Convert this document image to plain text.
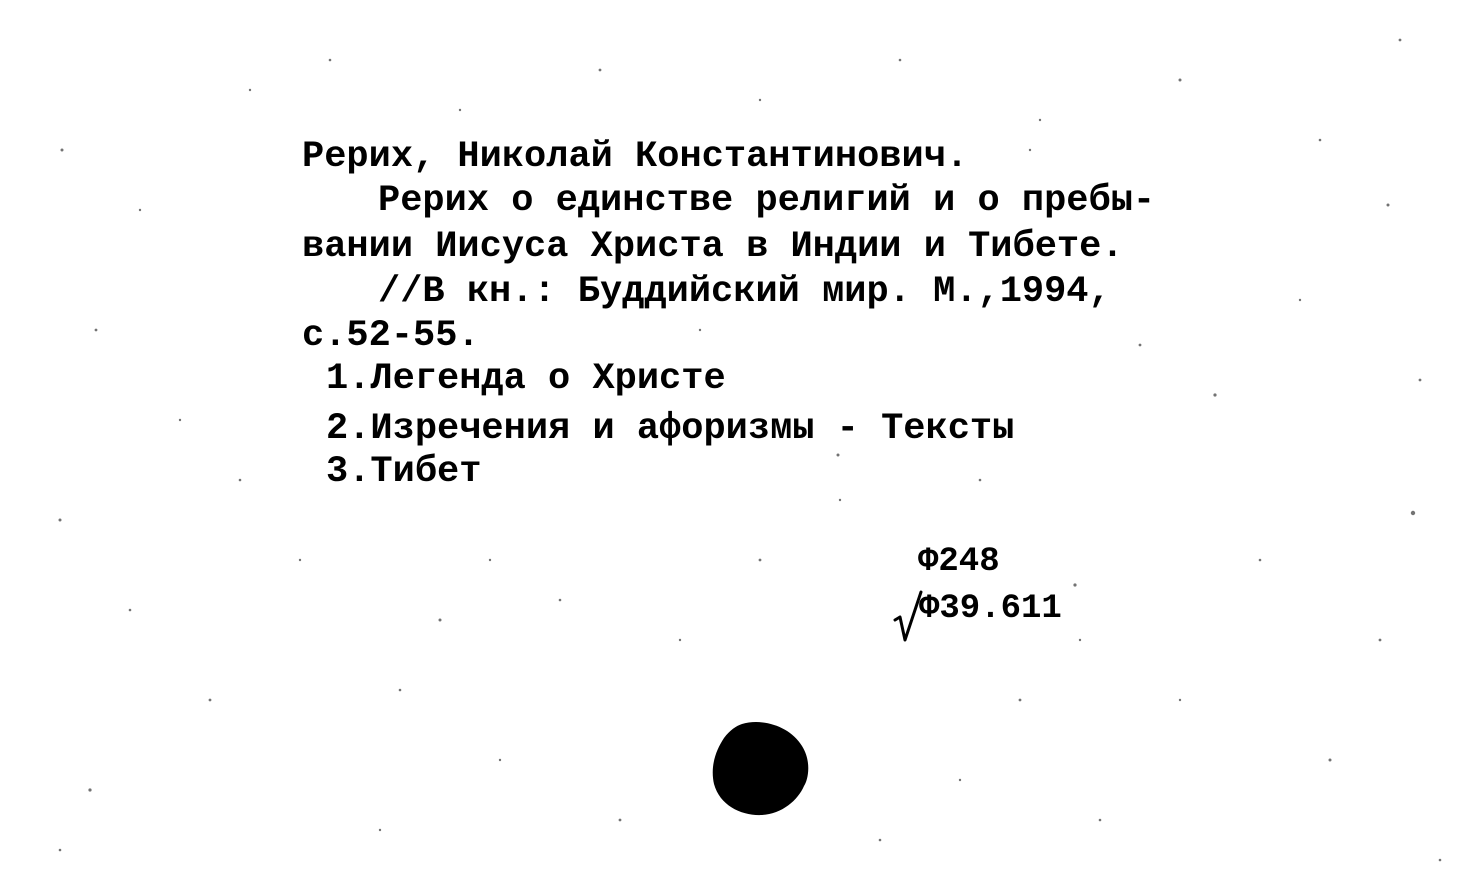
Рерих, Николай Константинович.
Рерих о единстве религий и о пребы-
вании Иисуса Христа в Индии и Тибете.
//В кн.: Буддийский мир. М.,1994,
с.52-55.
1.Легенда о Христе
2.Изречения и афоризмы - Тексты
3.Тибет
Ф248
Ф39.611
